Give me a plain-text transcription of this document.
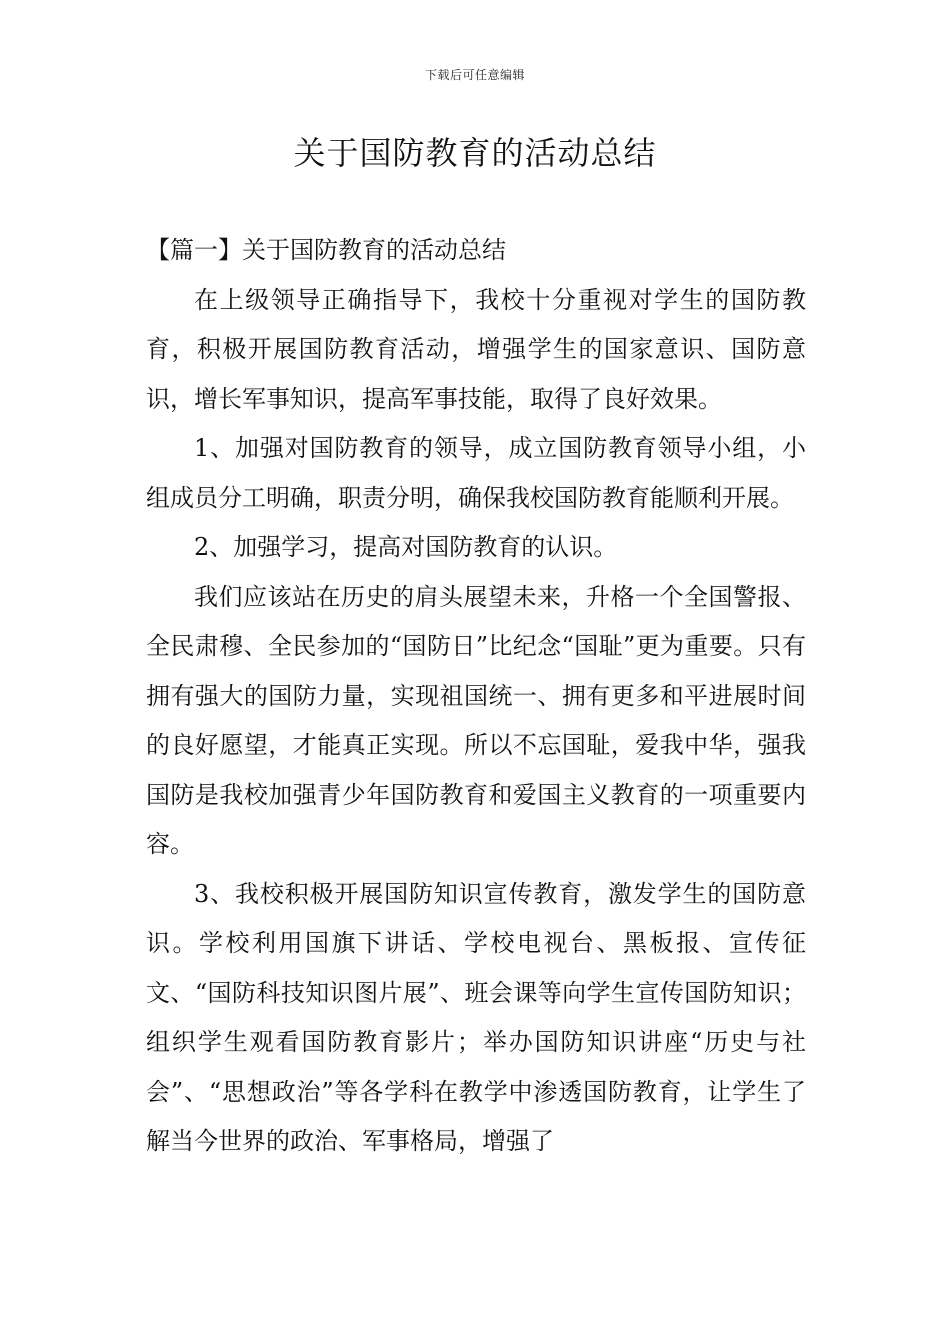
下载后可任意编辑
关于国防教育的活动总结

【篇一】关于国防教育的活动总结

在上级领导正确指导下，我校十分重视对学生的国防教育，积极开展国防教育活动，增强学生的国家意识、国防意识，增长军事知识，提高军事技能，取得了良好效果。

1、加强对国防教育的领导，成立国防教育领导小组，小组成员分工明确，职责分明，确保我校国防教育能顺利开展。

2、加强学习，提高对国防教育的认识。

我们应该站在历史的肩头展望未来，升格一个全国警报、全民肃穆、全民参加的“国防日”比纪念“国耻”更为重要。只有拥有强大的国防力量，实现祖国统一、拥有更多和平进展时间的良好愿望，才能真正实现。所以不忘国耻，爱我中华，强我国防是我校加强青少年国防教育和爱国主义教育的一项重要内容。

3、我校积极开展国防知识宣传教育，激发学生的国防意识。学校利用国旗下讲话、学校电视台、黑板报、宣传征文、“国防科技知识图片展”、班会课等向学生宣传国防知识；组织学生观看国防教育影片；举办国防知识讲座“历史与社会”、“思想政治”等各学科在教学中渗透国防教育，让学生了解当今世界的政治、军事格局，增强了
